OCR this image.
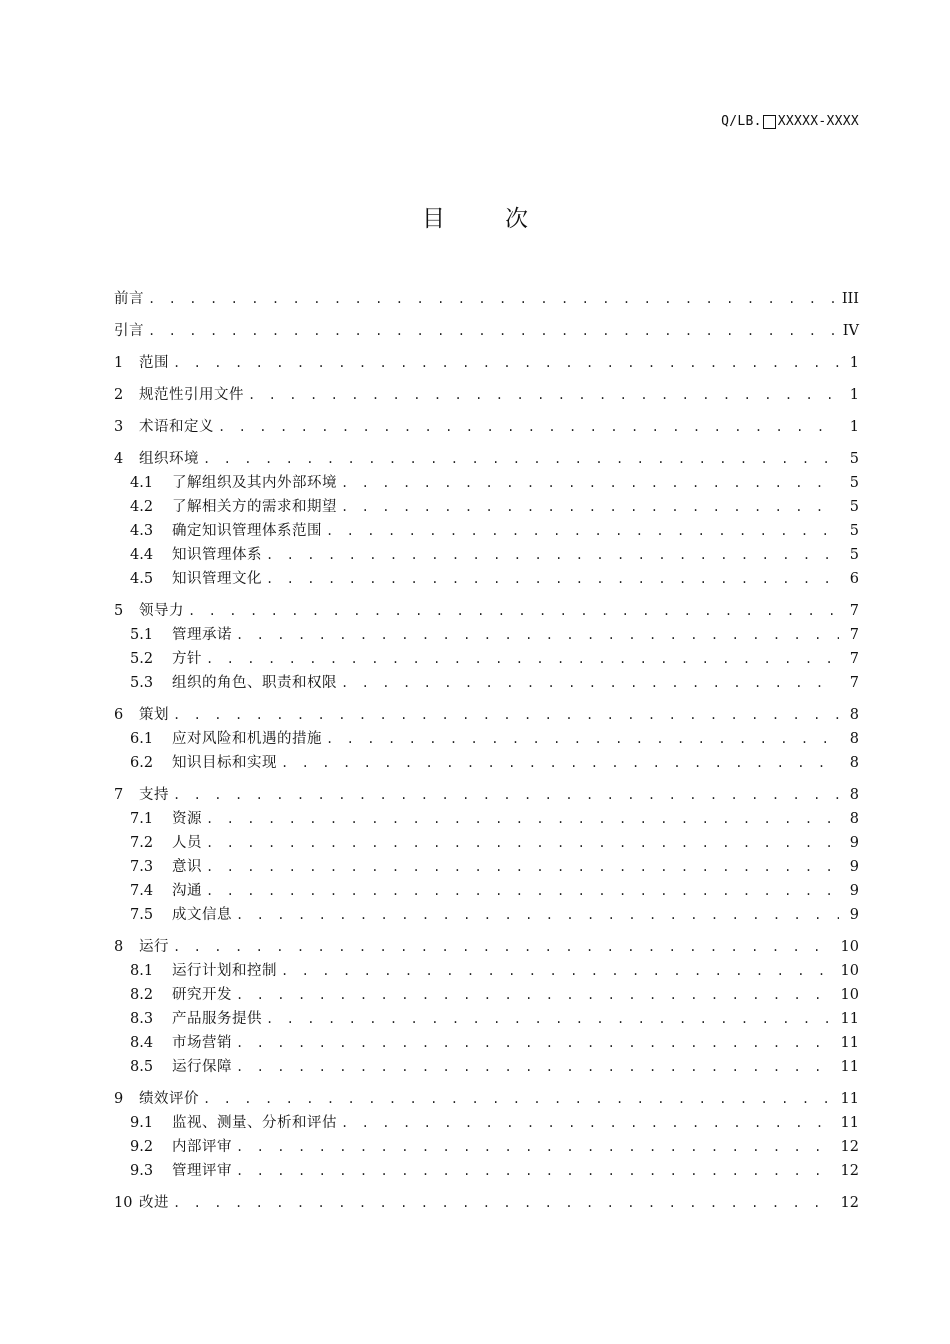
Q/LB. XXXXX-XXXX
目	次
前言 . . .	III
引言 . . .	IV
1	范围 . . .	1
2	规范性引用文件 . . .	1
3	术语和定义 . . .	1
4	组织环境 . . .	5
4.1	了解组织及其内外部环境 . . .	5
4.2	了解相关方的需求和期望 . . .	5
4.3	确定知识管理体系范围 . . .	5
4.4	知识管理体系 . . .	5
4.5	知识管理文化 . . .	6
5	领导力 . . .	7
5.1	管理承诺 . . .	7
5.2	方针 . . .	7
5.3	组织的角色、职责和权限 . . .	7
6	策划 . . .	8
6.1	应对风险和机遇的措施 . . .	8
6.2	知识目标和实现 . . .	8
7	支持 . . .	8
7.1	资源 . . .	8
7.2	人员 . . .	9
7.3	意识 . . .	9
7.4	沟通 . . .	9
7.5	成文信息 . . .	9
8	运行 . . .	10
8.1	运行计划和控制 . . .	10
8.2	研究开发 . . .	10
8.3	产品服务提供 . . .	11
8.4	市场营销 . . .	11
8.5	运行保障 . . .	11
9	绩效评价 . . .	11
9.1	监视、测量、分析和评估 . . .	11
9.2	内部评审 . . .	12
9.3	管理评审 . . .	12
10 改进 . . .	12
